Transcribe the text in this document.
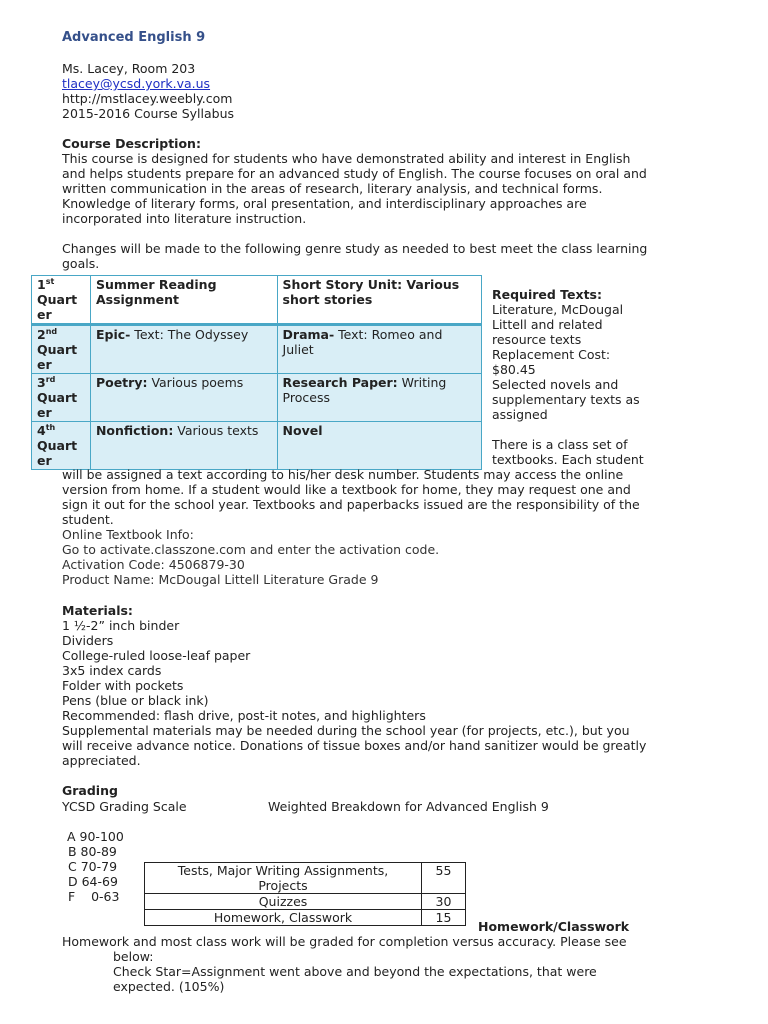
Advanced English 9
Ms. Lacey, Room 203
tlacey@ycsd.york.va.us
http://mstlacey.weebly.com
2015-2016 Course Syllabus
Course Description:
This course is designed for students who have demonstrated ability and interest in English
and helps students prepare for an advanced study of English. The course focuses on oral and
written communication in the areas of research, literary analysis, and technical forms.
Knowledge of literary forms, oral presentation, and interdisciplinary approaches are
incorporated into literature instruction.
Changes will be made to the following genre study as needed to best meet the class learning
goals.
1st
Quart
er	Summer Reading
Assignment	Short Story Unit: Various
short stories
2nd
Quart
er	Epic- Text: The Odyssey	Drama- Text: Romeo and Juliet
3rd
Quart
er	Poetry: Various poems	Research Paper: Writing Process
4th
Quart
er	Nonfiction: Various texts	Novel
Required Texts:
Literature, McDougal
Littell and related
resource texts
Replacement Cost:
$80.45
Selected novels and
supplementary texts as
assigned
There is a class set of
textbooks. Each student
will be assigned a text according to his/her desk number. Students may access the online
version from home. If a student would like a textbook for home, they may request one and
sign it out for the school year. Textbooks and paperbacks issued are the responsibility of the
student.
Online Textbook Info:
Go to activate.classzone.com and enter the activation code.
Activation Code: 4506879-30
Product Name: McDougal Littell Literature Grade 9
Materials:
1 ½-2” inch binder
Dividers
College-ruled loose-leaf paper
3x5 index cards
Folder with pockets
Pens (blue or black ink)
Recommended: flash drive, post-it notes, and highlighters
Supplemental materials may be needed during the school year (for projects, etc.), but you
will receive advance notice. Donations of tissue boxes and/or hand sanitizer would be greatly
appreciated.
Grading
YCSD Grading Scale	Weighted Breakdown for Advanced English 9
A 90-100
B 80-89
C 70-79
D 64-69
F    0-63
Tests, Major Writing Assignments,
Projects	55
Quizzes	30
Homework, Classwork	15
Homework/Classwork
Homework and most class work will be graded for completion versus accuracy. Please see
below:
Check Star=Assignment went above and beyond the expectations, that were
expected. (105%)
